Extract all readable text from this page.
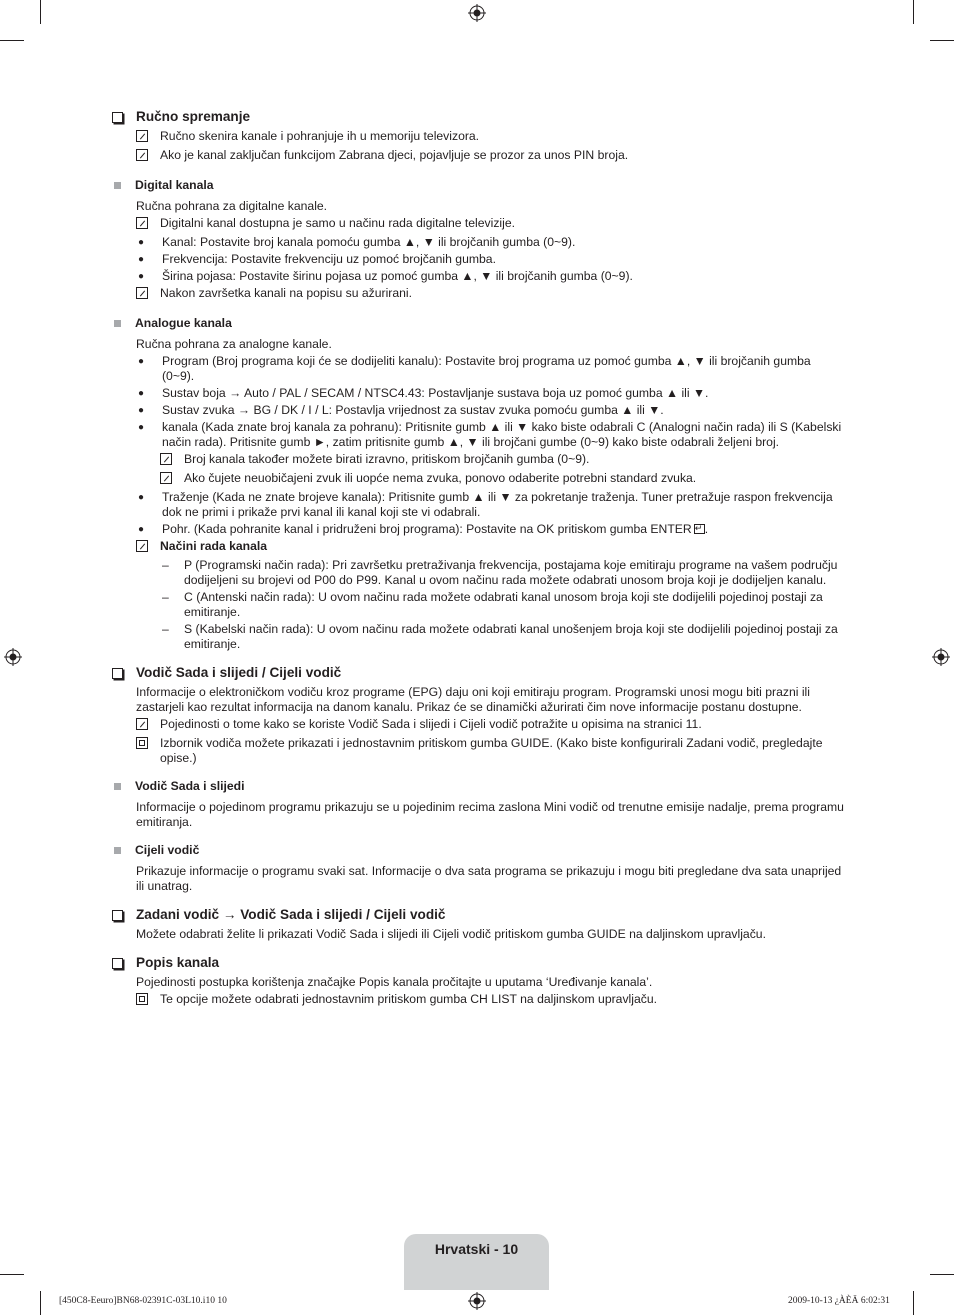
Ručno spremanje
Ručno skenira kanale i pohranjuje ih u memoriju televizora.
Ako je kanal zaključan funkcijom Zabrana djeci, pojavljuje se prozor za unos PIN broja.
Digital kanala
Ručna pohrana za digitalne kanale.
Digitalni kanal dostupna je samo u načinu rada digitalne televizije.
●	Kanal: Postavite broj kanala pomoću gumba ▲, ▼ ili brojčanih gumba (0~9).
●	Frekvencija: Postavite frekvenciju uz pomoć brojčanih gumba.
●	Širina pojasa: Postavite širinu pojasa uz pomoć gumba ▲, ▼ ili brojčanih gumba (0~9).
Nakon završetka kanali na popisu su ažurirani.
Analogue kanala
Ručna pohrana za analogne kanale.
●	Program (Broj programa koji će se dodijeliti kanalu): Postavite broj programa uz pomoć gumba ▲, ▼ ili brojčanih gumba (0~9).
●	Sustav boja → Auto / PAL / SECAM / NTSC4.43: Postavljanje sustava boja uz pomoć gumba ▲ ili ▼.
●	Sustav zvuka → BG / DK / I / L: Postavlja vrijednost za sustav zvuka pomoću gumba ▲ ili ▼.
●	kanala (Kada znate broj kanala za pohranu): Pritisnite gumb ▲ ili ▼ kako biste odabrali C (Analogni način rada) ili S (Kabelski način rada). Pritisnite gumb ►, zatim pritisnite gumb ▲, ▼ ili brojčani gumbe (0~9) kako biste odabrali željeni broj.
Broj kanala također možete birati izravno, pritiskom brojčanih gumba (0~9).
Ako čujete neuobičajeni zvuk ili uopće nema zvuka, ponovo odaberite potrebni standard zvuka.
●	Traženje (Kada ne znate brojeve kanala): Pritisnite gumb ▲ ili ▼ za pokretanje traženja. Tuner pretražuje raspon frekvencija dok ne primi i prikaže prvi kanal ili kanal koji ste vi odabrali.
●	Pohr. (Kada pohranite kanal i pridruženi broj programa): Postavite na OK pritiskom gumba ENTER↵ .
Načini rada kanala
–	P (Programski način rada): Pri završetku pretraživanja frekvencija, postajama koje emitiraju programe na vašem području dodijeljeni su brojevi od P00 do P99. Kanal u ovom načinu rada možete odabrati unosom broja koji je dodijeljen kanalu.
–	C (Antenski način rada): U ovom načinu rada možete odabrati kanal unosom broja koji ste dodijelili pojedinoj postaji za emitiranje.
–	S (Kabelski način rada): U ovom načinu rada možete odabrati kanal unošenjem broja koji ste dodijelili pojedinoj postaji za emitiranje.
Vodič Sada i slijedi / Cijeli vodič
Informacije o elektroničkom vodiču kroz programe (EPG) daju oni koji emitiraju program. Programski unosi mogu biti prazni ili zastarjeli kao rezultat informacija na danom kanalu. Prikaz će se dinamički ažurirati čim nove informacije postanu dostupne.
Pojedinosti o tome kako se koriste Vodič Sada i slijedi i Cijeli vodič potražite u opisima na stranici 11.
Izbornik vodiča možete prikazati i jednostavnim pritiskom gumba GUIDE. (Kako biste konfigurirali Zadani vodič, pregledajte opise.)
Vodič Sada i slijedi
Informacije o pojedinom programu prikazuju se u pojedinim recima zaslona Mini vodič od trenutne emisije nadalje, prema programu emitiranja.
Cijeli vodič
Prikazuje informacije o programu svaki sat. Informacije o dva sata programa se prikazuju i mogu biti pregledane dva sata unaprijed ili unatrag.
Zadani vodič → Vodič Sada i slijedi / Cijeli vodič
Možete odabrati želite li prikazati Vodič Sada i slijedi ili Cijeli vodič pritiskom gumba GUIDE na daljinskom upravljaču.
Popis kanala
Pojedinosti postupka korištenja značajke Popis kanala pročitajte u uputama ‘Uređivanje kanala’.
Te opcije možete odabrati jednostavnim pritiskom gumba CH LIST na daljinskom upravljaču.
Hrvatski - 10
[450C8-Eeuro]BN68-02391C-03L10.i10 10	2009-10-13 ¿ÀÈÄ 6:02:31
